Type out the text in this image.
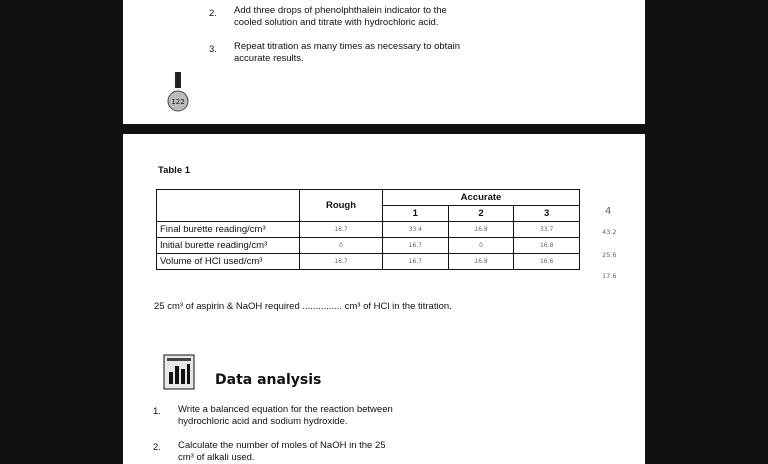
2. Add three drops of phenolphthalein indicator to the
cooled solution and titrate with hydrochloric acid.
3. Repeat titration as many times as necessary to obtain
accurate results.
122
Table 1
	Rough	Accurate		
		1	2	3
Final burette reading/cm³	16.7	33.4	16.8	33.7
Initial burette reading/cm³	0	16.7	0	16.8
Volume of HCl used/cm³	16.7	16.7	16.8	16.6
4
43.2
25.6
17.6
25 cm³ of aspirin & NaOH required ............... cm³ of HCl in the titration.
Data analysis
1. Write a balanced equation for the reaction between
hydrochloric acid and sodium hydroxide.
2. Calculate the number of moles of NaOH in the 25
cm³ of alkali used.
